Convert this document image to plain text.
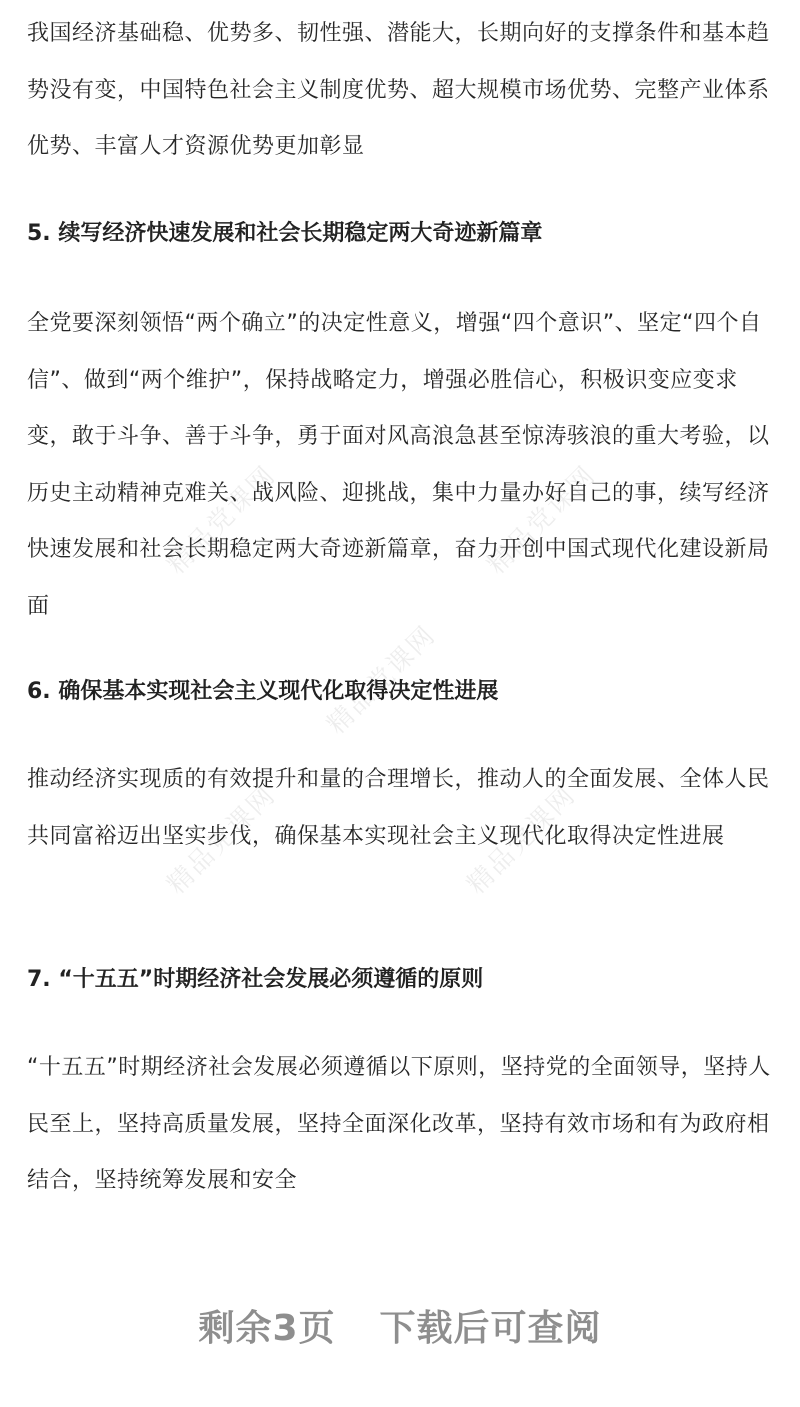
我国经济基础稳、优势多、韧性强、潜能大，长期向好的支撑条件和基本趋势没有变，中国特色社会主义制度优势、超大规模市场优势、完整产业体系优势、丰富人才资源优势更加彰显

5. 续写经济快速发展和社会长期稳定两大奇迹新篇章

全党要深刻领悟“两个确立”的决定性意义，增强“四个意识”、坚定“四个自信”、做到“两个维护”，保持战略定力，增强必胜信心，积极识变应变求变，敢于斗争、善于斗争，勇于面对风高浪急甚至惊涛骇浪的重大考验，以历史主动精神克难关、战风险、迎挑战，集中力量办好自己的事，续写经济快速发展和社会长期稳定两大奇迹新篇章，奋力开创中国式现代化建设新局面

6. 确保基本实现社会主义现代化取得决定性进展

推动经济实现质的有效提升和量的合理增长，推动人的全面发展、全体人民共同富裕迈出坚实步伐，确保基本实现社会主义现代化取得决定性进展

7. “十五五”时期经济社会发展必须遵循的原则

“十五五”时期经济社会发展必须遵循以下原则，坚持党的全面领导，坚持人民至上，坚持高质量发展，坚持全面深化改革，坚持有效市场和有为政府相结合，坚持统筹发展和安全

精品党课网	精品党课网
精品党课网
精品党课网	精品党课网
剩余3页 下载后可查阅
